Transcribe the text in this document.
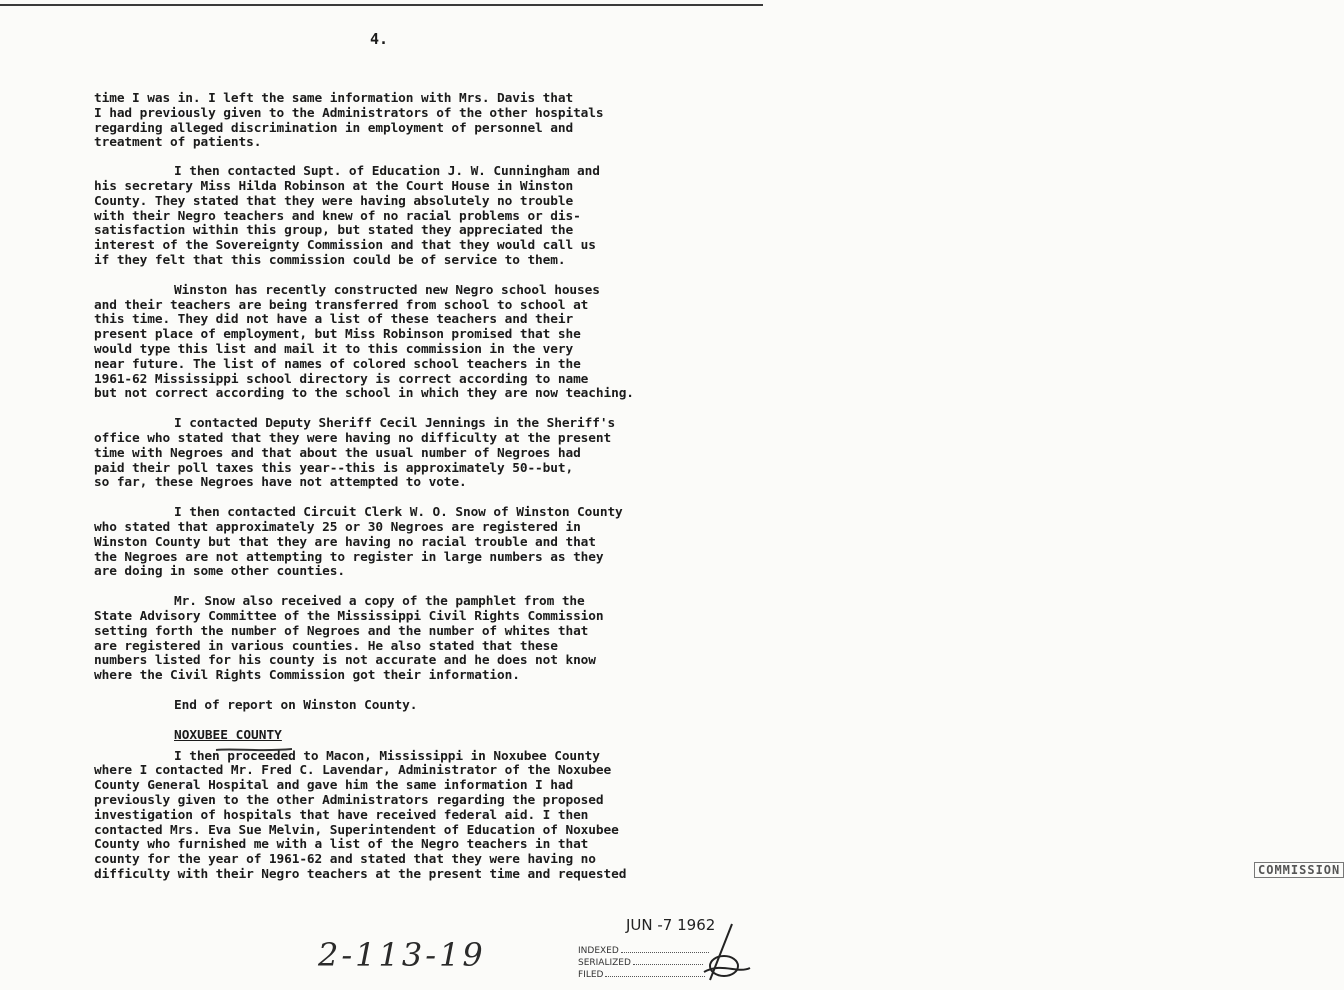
4.

time I was in. I left the same information with Mrs. Davis that
I had previously given to the Administrators of the other hospitals
regarding alleged discrimination in employment of personnel and
treatment of patients.

I then contacted Supt. of Education J. W. Cunningham and
his secretary Miss Hilda Robinson at the Court House in Winston
County. They stated that they were having absolutely no trouble
with their Negro teachers and knew of no racial problems or dis-
satisfaction within this group, but stated they appreciated the
interest of the Sovereignty Commission and that they would call us
if they felt that this commission could be of service to them.

Winston has recently constructed new Negro school houses
and their teachers are being transferred from school to school at
this time. They did not have a list of these teachers and their
present place of employment, but Miss Robinson promised that she
would type this list and mail it to this commission in the very
near future. The list of names of colored school teachers in the
1961-62 Mississippi school directory is correct according to name
but not correct according to the school in which they are now teaching.

I contacted Deputy Sheriff Cecil Jennings in the Sheriff's
office who stated that they were having no difficulty at the present
time with Negroes and that about the usual number of Negroes had
paid their poll taxes this year--this is approximately 50--but,
so far, these Negroes have not attempted to vote.

I then contacted Circuit Clerk W. O. Snow of Winston County
who stated that approximately 25 or 30 Negroes are registered in
Winston County but that they are having no racial trouble and that
the Negroes are not attempting to register in large numbers as they
are doing in some other counties.

Mr. Snow also received a copy of the pamphlet from the
State Advisory Committee of the Mississippi Civil Rights Commission
setting forth the number of Negroes and the number of whites that
are registered in various counties. He also stated that these
numbers listed for his county is not accurate and he does not know
where the Civil Rights Commission got their information.

End of report on Winston County.

NOXUBEE COUNTY

I then proceeded to Macon, Mississippi in Noxubee County
where I contacted Mr. Fred C. Lavendar, Administrator of the Noxubee
County General Hospital and gave him the same information I had
previously given to the other Administrators regarding the proposed
investigation of hospitals that have received federal aid. I then
contacted Mrs. Eva Sue Melvin, Superintendent of Education of Noxubee
County who furnished me with a list of the Negro teachers in that
county for the year of 1961-62 and stated that they were having no
difficulty with their Negro teachers at the present time and requested	COMMISSION
JUN -7 1962
INDEXED
SERIALIZED
FILED
2-113-19
